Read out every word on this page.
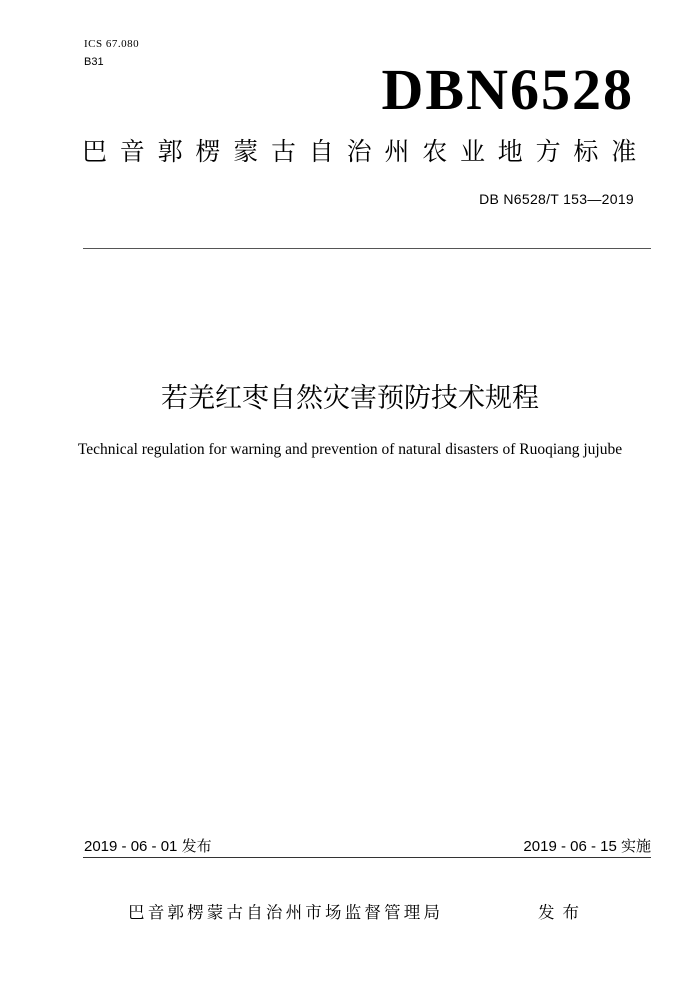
ICS 67.080
B31	DBN6528
巴音郭楞蒙古自治州农业地方标准
DB N6528/T 153—2019
若羌红枣自然灾害预防技术规程
Technical regulation for warning and prevention of natural disasters of Ruoqiang jujube
2019 - 06 - 01 发布	2019 - 06 - 15 实施
巴音郭楞蒙古自治州市场监督管理局	发布
